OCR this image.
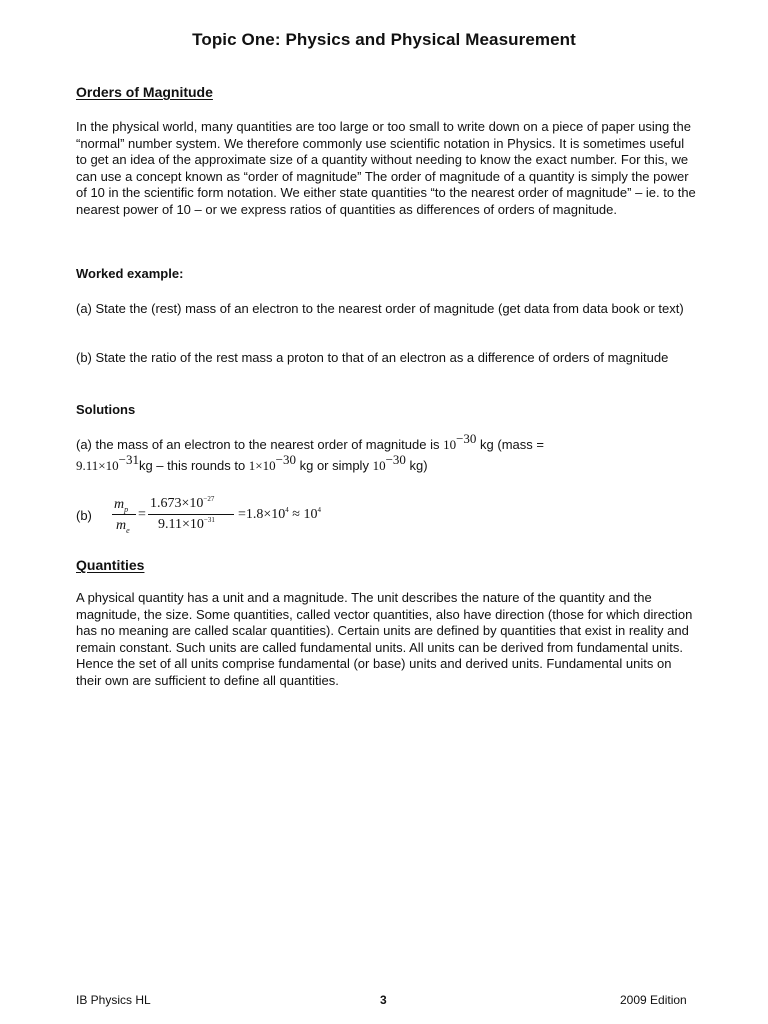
Topic One: Physics and Physical Measurement
Orders of Magnitude
In the physical world, many quantities are too large or too small to write down on a piece of paper using the “normal” number system. We therefore commonly use scientific notation in Physics. It is sometimes useful to get an idea of the approximate size of a quantity without needing to know the exact number. For this, we can use a concept known as “order of magnitude” The order of magnitude of a quantity is simply the power of 10 in the scientific form notation. We either state quantities “to the nearest order of magnitude” – ie. to the nearest power of 10 – or we express ratios of quantities as differences of orders of magnitude.
Worked example:
(a) State the (rest) mass of an electron to the nearest order of magnitude (get data from data book or text)
(b) State the ratio of the rest mass a proton to that of an electron as a difference of orders of magnitude
Solutions
(a) the mass of an electron to the nearest order of magnitude is $10^{-30}$ kg (mass =
$9.11\times 10^{-31}kg$ – this rounds to $1\times 10^{-30}$ kg or simply $10^{-30}$ kg)
(b)
$m_p$
$m_e$
=
$1.673\times 10^{-27}$
$9.11\times 10^{-31} =1.8\times 10^4 \approx 10^4$
Quantities
A physical quantity has a unit and a magnitude. The unit describes the nature of the quantity and the magnitude, the size. Some quantities, called vector quantities, also have direction (those for which direction has no meaning are called scalar quantities). Certain units are defined by quantities that exist in reality and remain constant. Such units are called fundamental units. All units can be derived from fundamental units. Hence the set of all units comprise fundamental (or base) units and derived units. Fundamental units on their own are sufficient to define all quantities.
IB Physics HL	3	2009 Edition
